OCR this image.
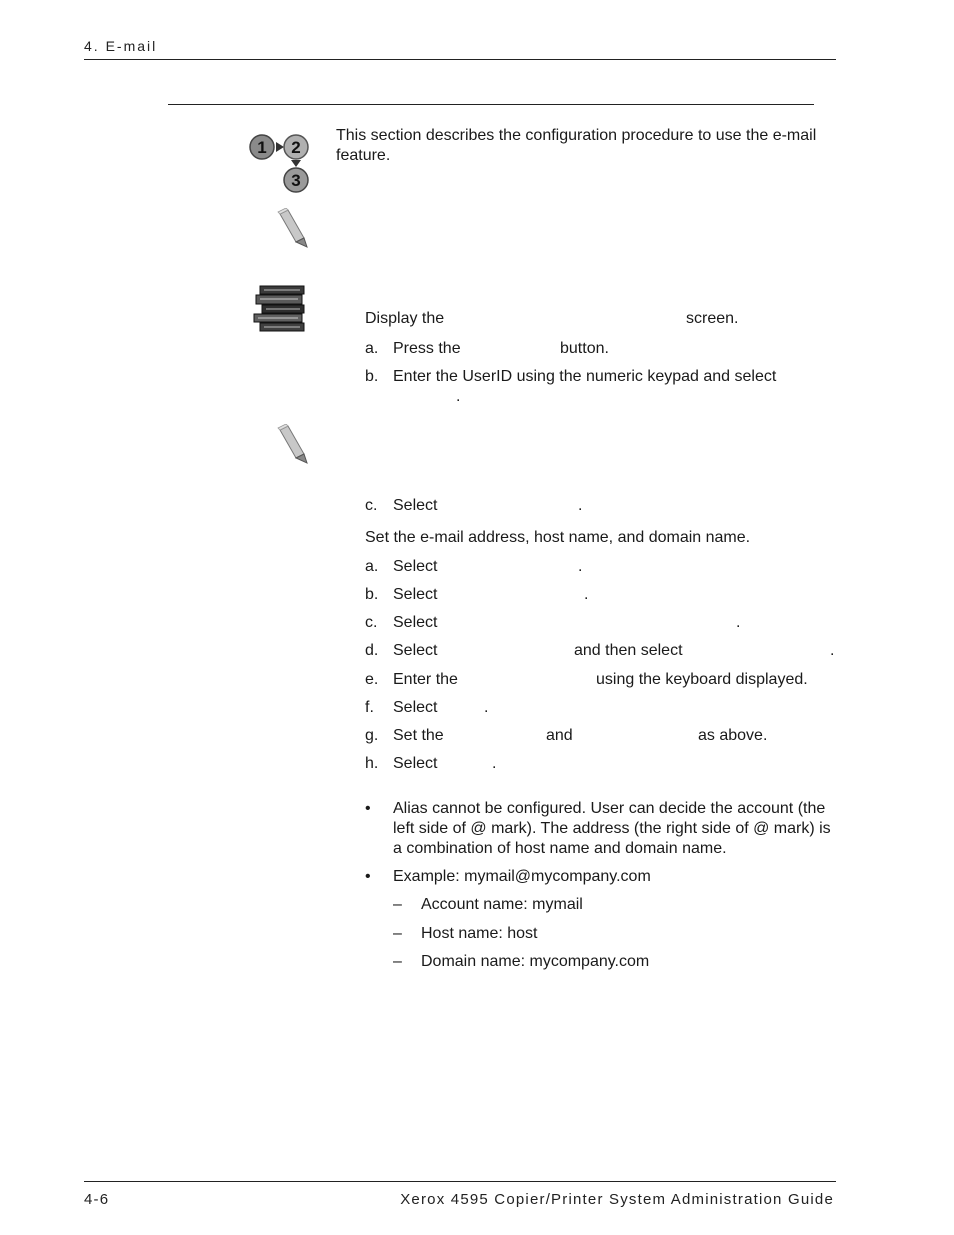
4. E-mail
1 2
3
This section describes the configuration procedure to use the e-mail feature.
Display the	screen.
a. Press the	button.
b. Enter the UserID using the numeric keypad and select
.
c. Select	.
Set the e-mail address, host name, and domain name.
a. Select	.
b. Select	.
c. Select	.
d. Select	and then select	.
e. Enter the	using the keyboard displayed.
f. Select	.
g. Set the	and	as above.
h. Select	.
• Alias cannot be configured. User can decide the account (the left side of @ mark). The address (the right side of @ mark) is a combination of host name and domain name.
• Example: mymail@mycompany.com
– Account name: mymail
– Host name: host
– Domain name: mycompany.com
4-6	Xerox 4595 Copier/Printer System Administration Guide
